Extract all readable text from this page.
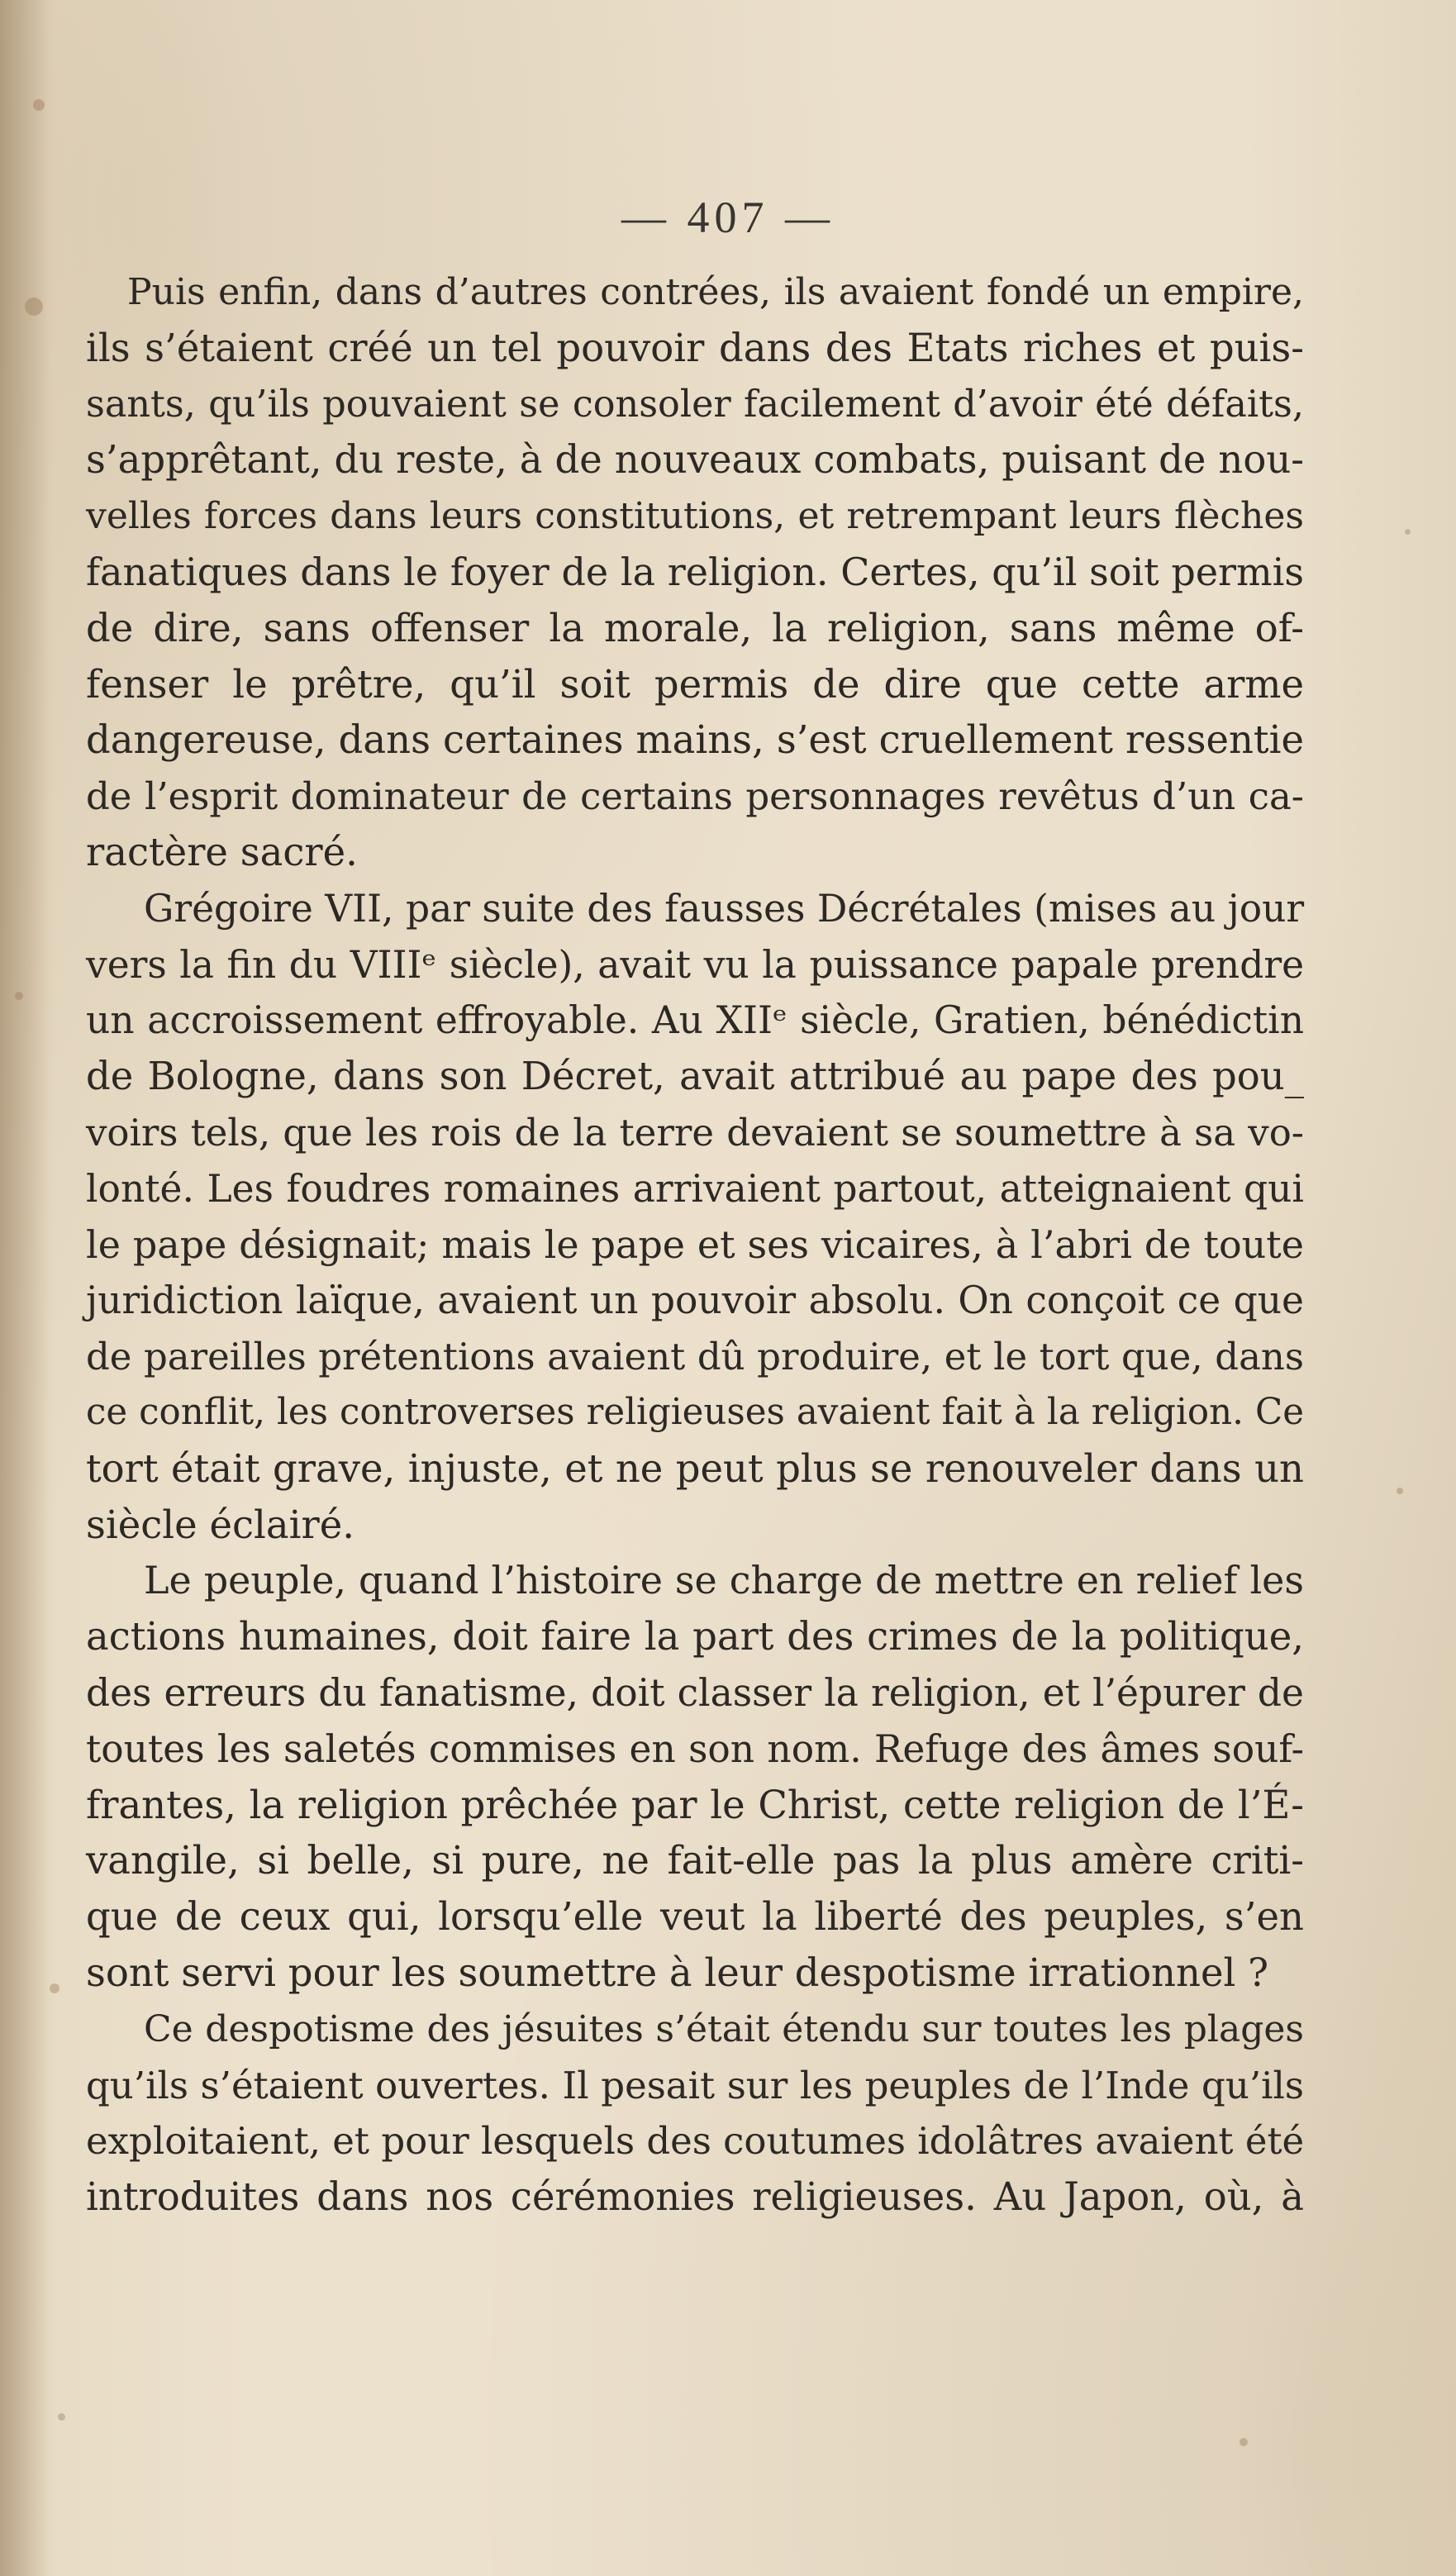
— 407 —
Puis enfin, dans d’autres contrées, ils avaient fondé un empire,
ils s’étaient créé un tel pouvoir dans des Etats riches et puis-
sants, qu’ils pouvaient se consoler facilement d’avoir été défaits,
s’apprêtant, du reste, à de nouveaux combats, puisant de nou-
velles forces dans leurs constitutions, et retrempant leurs flèches
fanatiques dans le foyer de la religion. Certes, qu’il soit permis
de dire, sans offenser la morale, la religion, sans même of-
fenser le prêtre, qu’il soit permis de dire que cette arme
dangereuse, dans certaines mains, s’est cruellement ressentie
de l’esprit dominateur de certains personnages revêtus d’un ca-
ractère sacré.
Grégoire VII, par suite des fausses Décrétales (mises au jour
vers la fin du VIIIᵉ siècle), avait vu la puissance papale prendre
un accroissement effroyable. Au XIIᵉ siècle, Gratien, bénédictin
de Bologne, dans son Décret, avait attribué au pape des pou_
voirs tels, que les rois de la terre devaient se soumettre à sa vo-
lonté. Les foudres romaines arrivaient partout, atteignaient qui
le pape désignait; mais le pape et ses vicaires, à l’abri de toute
juridiction laïque, avaient un pouvoir absolu. On conçoit ce que
de pareilles prétentions avaient dû produire, et le tort que, dans
ce conflit, les controverses religieuses avaient fait à la religion. Ce
tort était grave, injuste, et ne peut plus se renouveler dans un
siècle éclairé.
Le peuple, quand l’histoire se charge de mettre en relief les
actions humaines, doit faire la part des crimes de la politique,
des erreurs du fanatisme, doit classer la religion, et l’épurer de
toutes les saletés commises en son nom. Refuge des âmes souf-
frantes, la religion prêchée par le Christ, cette religion de l’É-
vangile, si belle, si pure, ne fait-elle pas la plus amère criti-
que de ceux qui, lorsqu’elle veut la liberté des peuples, s’en
sont servi pour les soumettre à leur despotisme irrationnel ?
Ce despotisme des jésuites s’était étendu sur toutes les plages
qu’ils s’étaient ouvertes. Il pesait sur les peuples de l’Inde qu’ils
exploitaient, et pour lesquels des coutumes idolâtres avaient été
introduites dans nos cérémonies religieuses. Au Japon, où, à
